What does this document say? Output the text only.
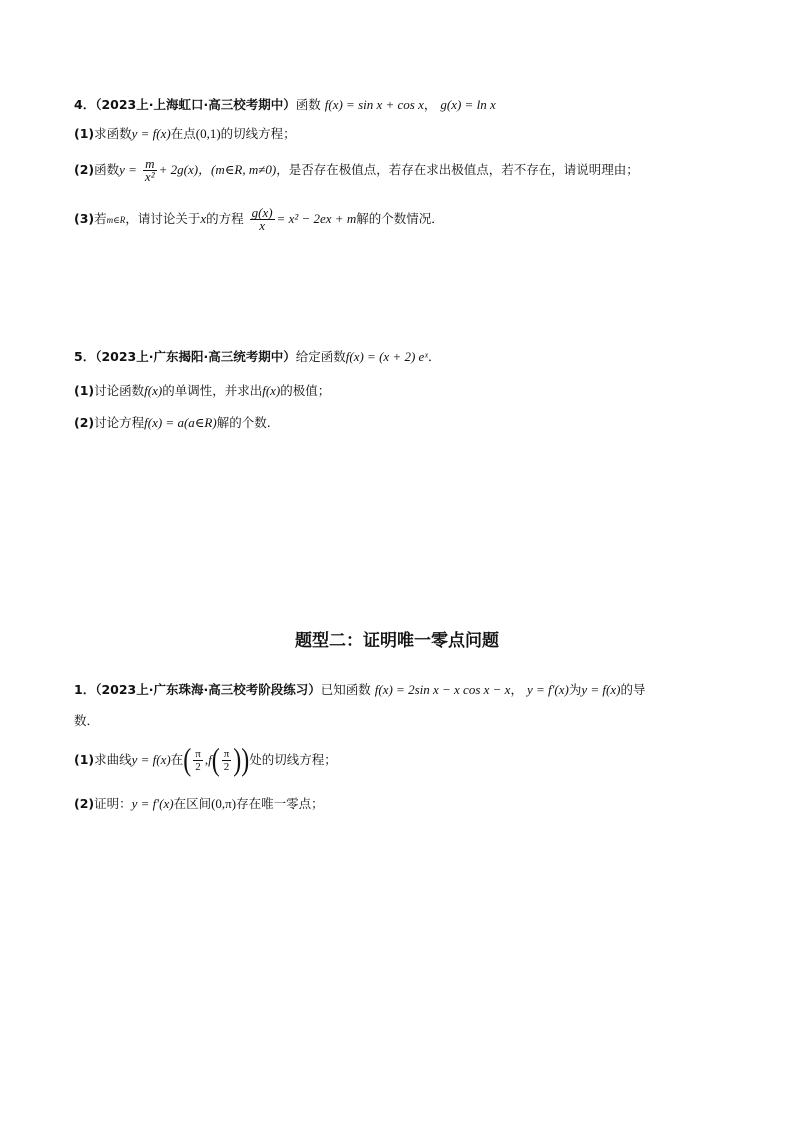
4．（2023上·上海虹口·高三校考期中）函数 f(x) = sin x + cos x， g(x) = ln x
(1)求函数y = f(x)在点(0,1)的切线方程；
(2)函数$y = \frac{m}{\text{x²}} + 2g(x)$，(m∈R, m≠0)，是否存在极值点，若存在求出极值点，若不存在，请说明理由；
(3)若m∈R，请讨论关于x的方程 $\frac{g(x)}{x} = x^2 - 2ex + m$解的个数情况．
5．（2023上·广东揭阳·高三统考期中）给定函数f(x) = (x + 2) eˣ．
(1)讨论函数f(x)的单调性，并求出f(x)的极值；
(2)讨论方程f(x) = a(a∈R)解的个数.
题型二：证明唯一零点问题
1．（2023上·广东珠海·高三校考阶段练习）已知函数 f(x) = 2sin x − x cos x − x， y = f′(x)为y = f(x)的导
数．
(1)求曲线y = f(x)在( $\frac{\pi}{2} ,f( \frac{\pi}{2}$ ))处的切线方程；
(2)证明：y = f′(x)在区间(0,π)存在唯一零点；
